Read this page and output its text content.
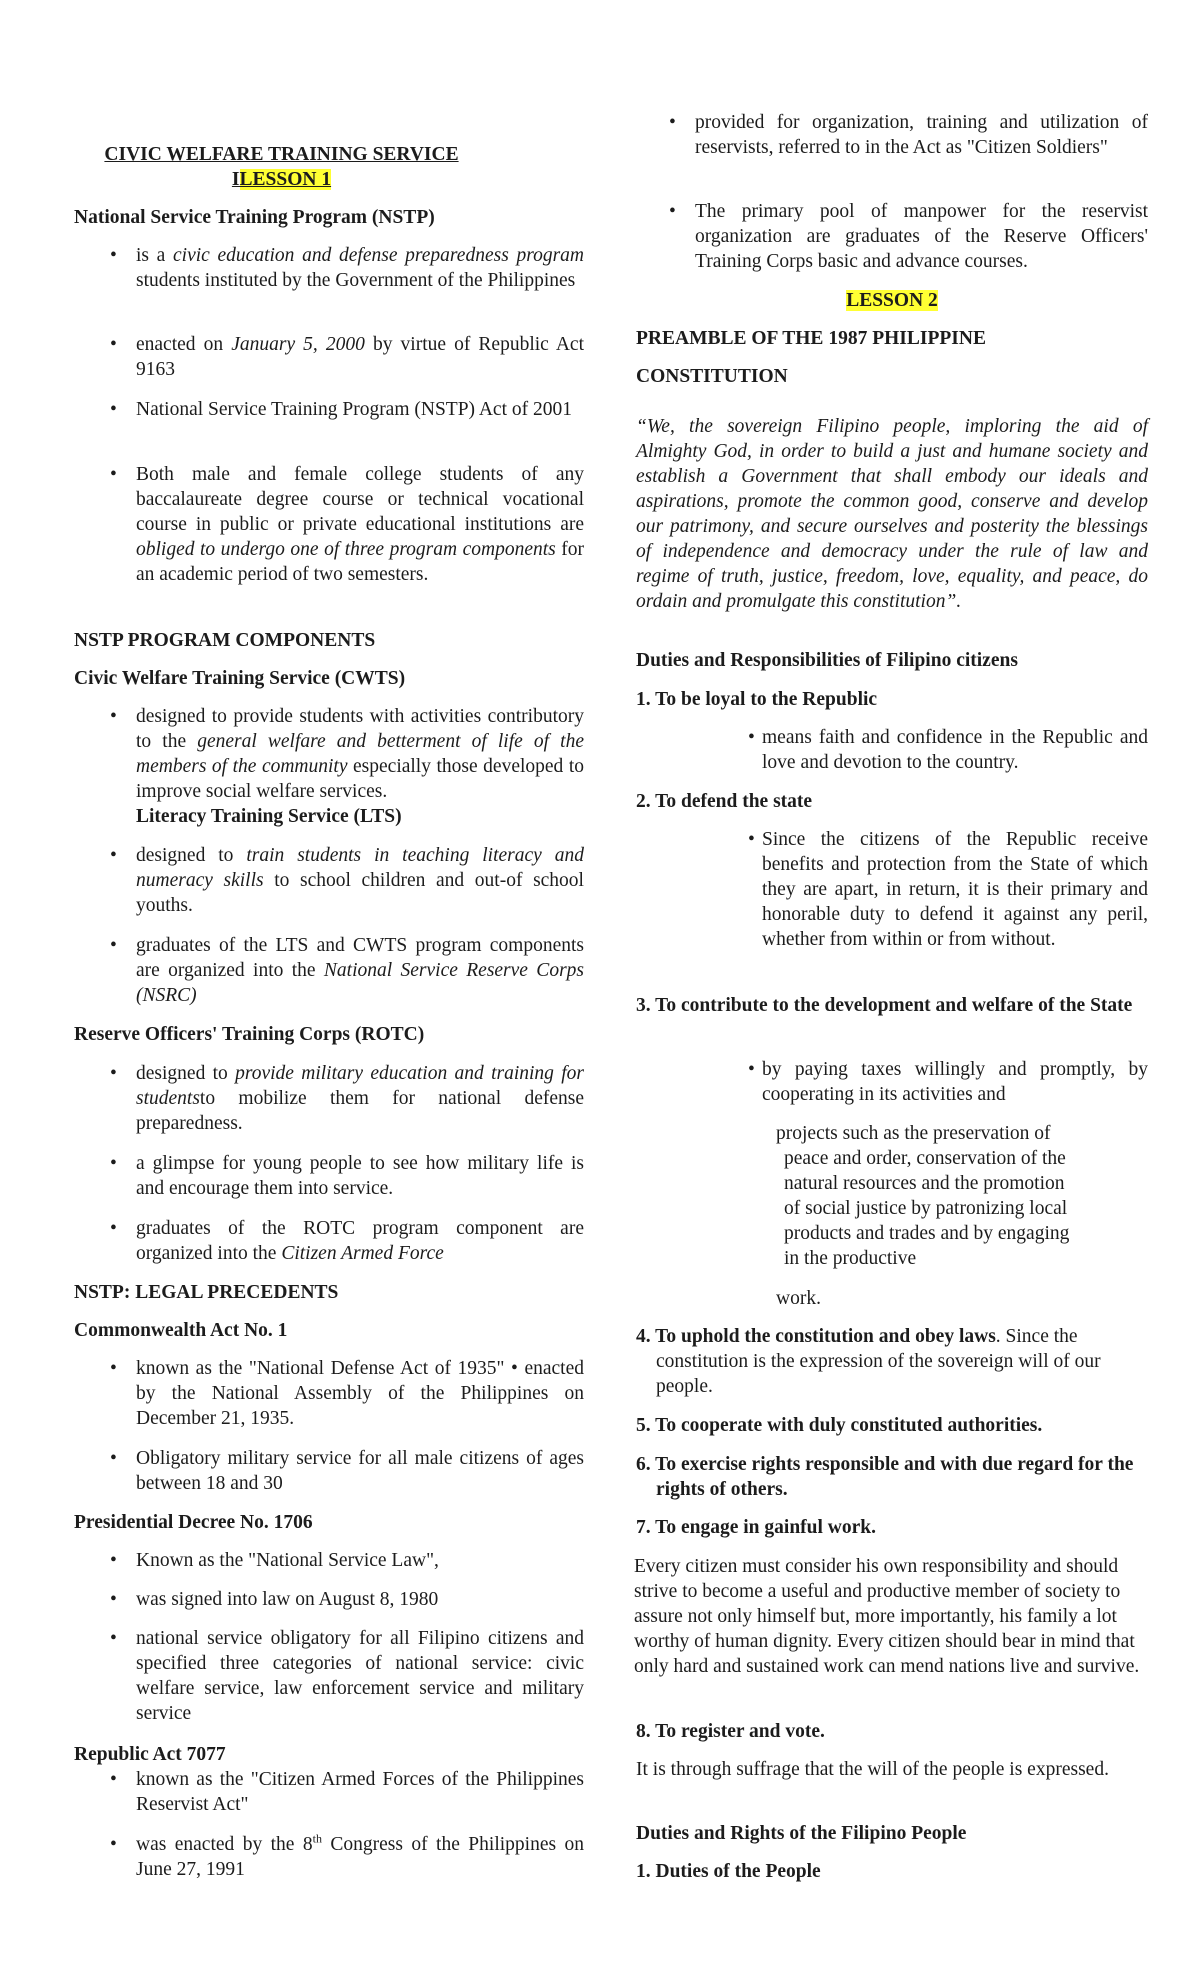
CIVIC WELFARE TRAINING SERVICE
ILESSON 1
National Service Training Program (NSTP)
• is a civic education and defense preparedness program students instituted by the Government of the Philippines
• enacted on January 5, 2000 by virtue of Republic Act 9163
• National Service Training Program (NSTP) Act of 2001
• Both male and female college students of any baccalaureate degree course or technical vocational course in public or private educational institutions are obliged to undergo one of three program components for an academic period of two semesters.
NSTP PROGRAM COMPONENTS
Civic Welfare Training Service (CWTS)
• designed to provide students with activities contributory to the general welfare and betterment of life of the members of the community especially those developed to improve social welfare services.
Literacy Training Service (LTS)
• designed to train students in teaching literacy and numeracy skills to school children and out-of school youths.
• graduates of the LTS and CWTS program components are organized into the National Service Reserve Corps (NSRC)
Reserve Officers' Training Corps (ROTC)
• designed to provide military education and training for studentsto mobilize them for national defense preparedness.
• a glimpse for young people to see how military life is and encourage them into service.
• graduates of the ROTC program component are organized into the Citizen Armed Force
NSTP: LEGAL PRECEDENTS
Commonwealth Act No. 1
• known as the "National Defense Act of 1935" • enacted by the National Assembly of the Philippines on December 21, 1935.
• Obligatory military service for all male citizens of ages between 18 and 30
Presidential Decree No. 1706
• Known as the "National Service Law",
• was signed into law on August 8, 1980
• national service obligatory for all Filipino citizens and specified three categories of national service: civic welfare service, law enforcement service and military service
Republic Act 7077
• known as the "Citizen Armed Forces of the Philippines Reservist Act"
• was enacted by the 8th Congress of the Philippines on June 27, 1991
• provided for organization, training and utilization of reservists, referred to in the Act as "Citizen Soldiers"
• The primary pool of manpower for the reservist organization are graduates of the Reserve Officers' Training Corps basic and advance courses.
LESSON 2
PREAMBLE OF THE 1987 PHILIPPINE
CONSTITUTION
“We, the sovereign Filipino people, imploring the aid of Almighty God, in order to build a just and humane society and establish a Government that shall embody our ideals and aspirations, promote the common good, conserve and develop our patrimony, and secure ourselves and posterity the blessings of independence and democracy under the rule of law and regime of truth, justice, freedom, love, equality, and peace, do ordain and promulgate this constitution”.
Duties and Responsibilities of Filipino citizens
1. To be loyal to the Republic
• means faith and confidence in the Republic and love and devotion to the country.
2. To defend the state
• Since the citizens of the Republic receive benefits and protection from the State of which they are apart, in return, it is their primary and honorable duty to defend it against any peril, whether from within or from without.
3. To contribute to the development and welfare of the State
• by paying taxes willingly and promptly, by cooperating in its activities and
projects such as the preservation of peace and order, conservation of the natural resources and the promotion of social justice by patronizing local products and trades and by engaging in the productive
work.
4. To uphold the constitution and obey laws. Since the constitution is the expression of the sovereign will of our people.
5. To cooperate with duly constituted authorities.
6. To exercise rights responsible and with due regard for the rights of others.
7. To engage in gainful work.
Every citizen must consider his own responsibility and should strive to become a useful and productive member of society to assure not only himself but, more importantly, his family a lot worthy of human dignity. Every citizen should bear in mind that only hard and sustained work can mend nations live and survive.
8. To register and vote.
It is through suffrage that the will of the people is expressed.
Duties and Rights of the Filipino People
1. Duties of the People
